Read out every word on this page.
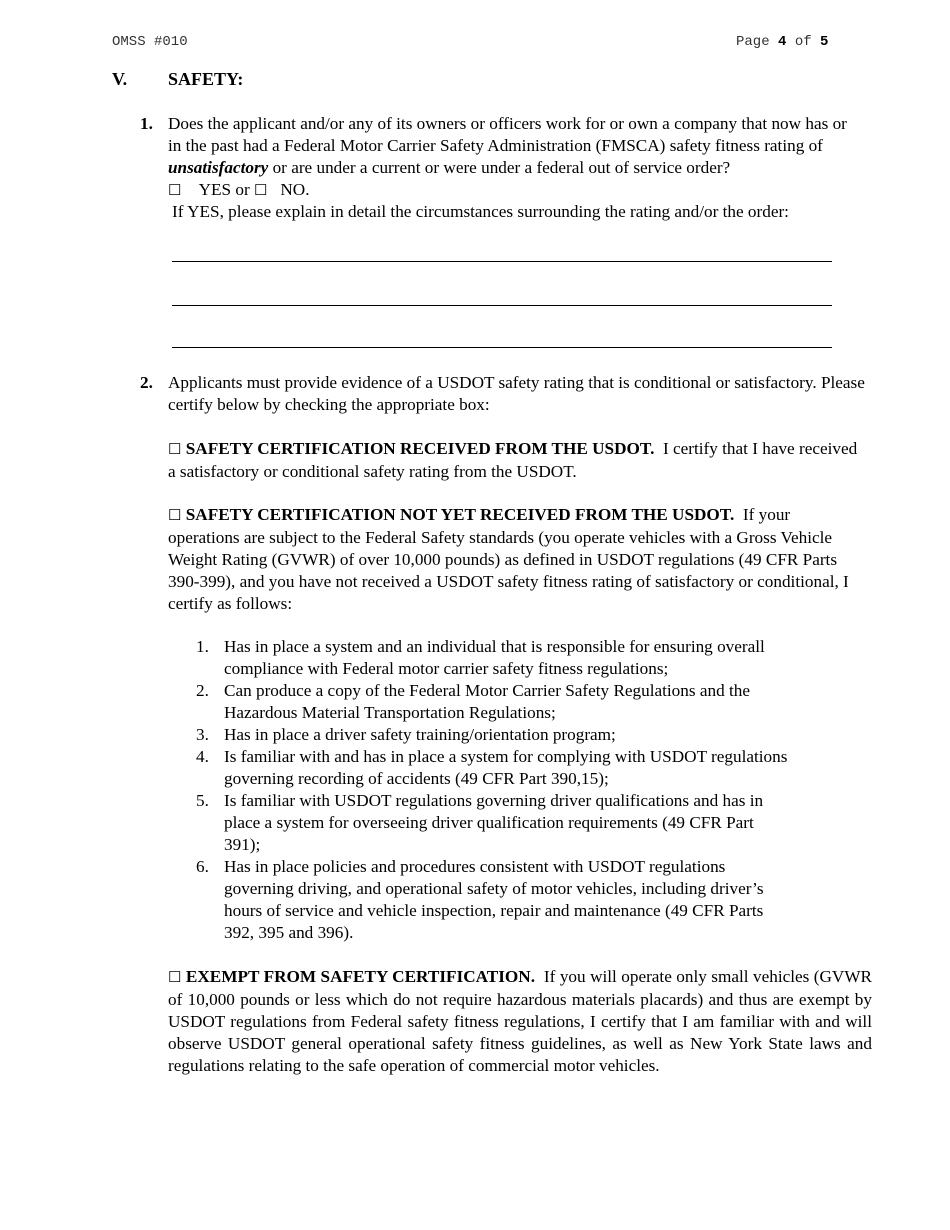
OMSS #010	Page 4 of 5
V. SAFETY:
1. Does the applicant and/or any of its owners or officers work for or own a company that now has or in the past had a Federal Motor Carrier Safety Administration (FMSCA) safety fitness rating of unsatisfactory or are under a current or were under a federal out of service order?
☐ YES or ☐ NO.
If YES, please explain in detail the circumstances surrounding the rating and/or the order:
2. Applicants must provide evidence of a USDOT safety rating that is conditional or satisfactory. Please certify below by checking the appropriate box:
☐ SAFETY CERTIFICATION RECEIVED FROM THE USDOT. I certify that I have received a satisfactory or conditional safety rating from the USDOT.
☐ SAFETY CERTIFICATION NOT YET RECEIVED FROM THE USDOT. If your operations are subject to the Federal Safety standards (you operate vehicles with a Gross Vehicle Weight Rating (GVWR) of over 10,000 pounds) as defined in USDOT regulations (49 CFR Parts 390-399), and you have not received a USDOT safety fitness rating of satisfactory or conditional, I certify as follows:
1. Has in place a system and an individual that is responsible for ensuring overall compliance with Federal motor carrier safety fitness regulations;
2. Can produce a copy of the Federal Motor Carrier Safety Regulations and the Hazardous Material Transportation Regulations;
3. Has in place a driver safety training/orientation program;
4. Is familiar with and has in place a system for complying with USDOT regulations governing recording of accidents (49 CFR Part 390,15);
5. Is familiar with USDOT regulations governing driver qualifications and has in place a system for overseeing driver qualification requirements (49 CFR Part 391);
6. Has in place policies and procedures consistent with USDOT regulations governing driving, and operational safety of motor vehicles, including driver’s hours of service and vehicle inspection, repair and maintenance (49 CFR Parts 392, 395 and 396).
☐ EXEMPT FROM SAFETY CERTIFICATION. If you will operate only small vehicles (GVWR of 10,000 pounds or less which do not require hazardous materials placards) and thus are exempt by USDOT regulations from Federal safety fitness regulations, I certify that I am familiar with and will observe USDOT general operational safety fitness guidelines, as well as New York State laws and regulations relating to the safe operation of commercial motor vehicles.
